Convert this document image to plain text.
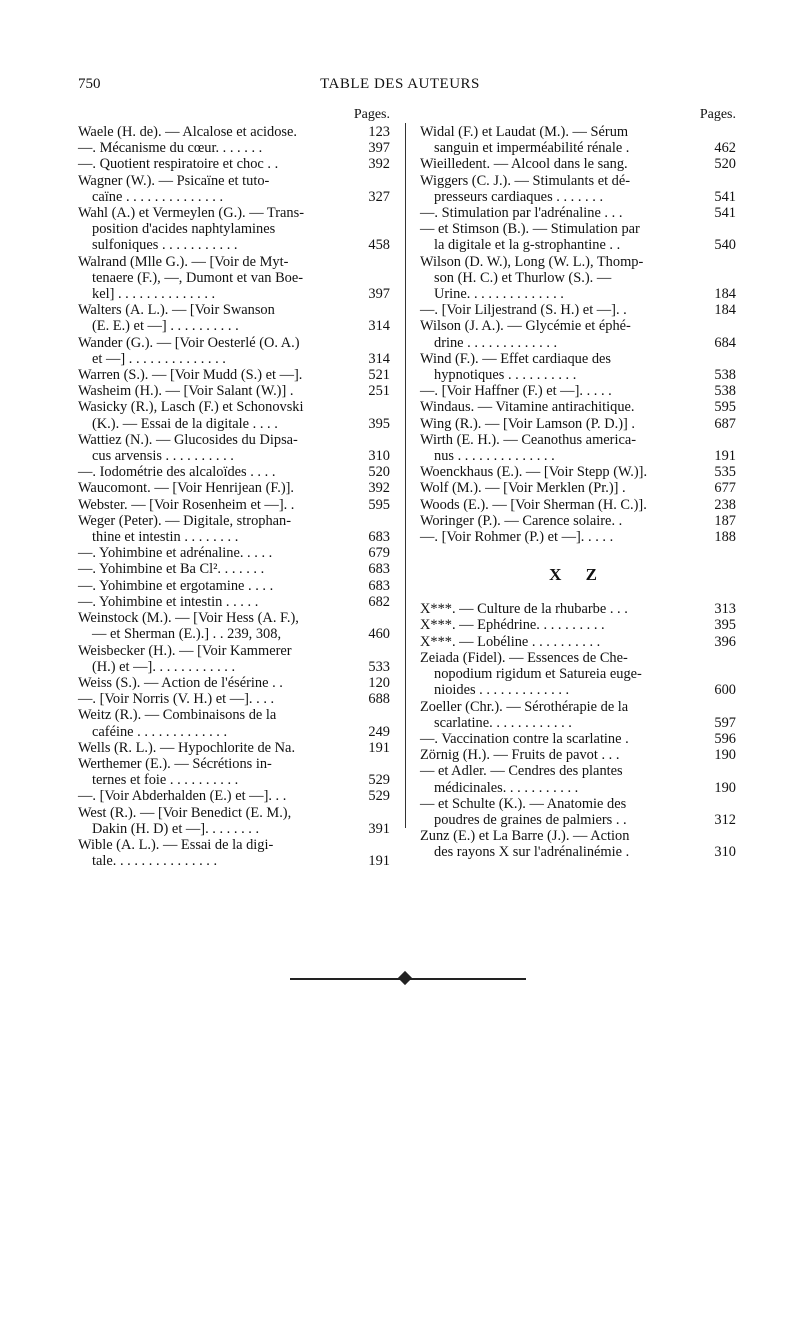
750	TABLE DES AUTEURS
Pages.
Waele (H. de). — Alcalose et acidose.	123
—. Mécanisme du cœur. . . . . . .	397
—. Quotient respiratoire et choc . .	392
Wagner (W.). — Psicaïne et tuto-
caïne . . . . . . . . . . . . . .	327
Wahl (A.) et Vermeylen (G.). — Trans-
position d'acides naphtylamines
sulfoniques . . . . . . . . . . .	458
Walrand (Mlle G.). — [Voir de Myt-
tenaere (F.), —, Dumont et van Boe-
kel] . . . . . . . . . . . . . .	397
Walters (A. L.). — [Voir Swanson
(E. E.) et —] . . . . . . . . . .	314
Wander (G.). — [Voir Oesterlé (O. A.)
et —] . . . . . . . . . . . . . .	314
Warren (S.). — [Voir Mudd (S.) et —].	521
Washeim (H.). — [Voir Salant (W.)] .	251
Wasicky (R.), Lasch (F.) et Schonovski
(K.). — Essai de la digitale . . . .	395
Wattiez (N.). — Glucosides du Dipsa-
cus arvensis . . . . . . . . . .	310
—. Iodométrie des alcaloïdes . . . .	520
Waucomont. — [Voir Henrijean (F.)].	392
Webster. — [Voir Rosenheim et —]. .	595
Weger (Peter). — Digitale, strophan-
thine et intestin . . . . . . . .	683
—. Yohimbine et adrénaline. . . . .	679
—. Yohimbine et Ba Cl². . . . . . .	683
—. Yohimbine et ergotamine . . . .	683
—. Yohimbine et intestin . . . . .	682
Weinstock (M.). — [Voir Hess (A. F.),
— et Sherman (E.).] . . 239, 308,	460
Weisbecker (H.). — [Voir Kammerer
(H.) et —]. . . . . . . . . . . .	533
Weiss (S.). — Action de l'ésérine . .	120
—. [Voir Norris (V. H.) et —]. . . .	688
Weitz (R.). — Combinaisons de la
caféine . . . . . . . . . . . . .	249
Wells (R. L.). — Hypochlorite de Na.	191
Werthemer (E.). — Sécrétions in-
ternes et foie . . . . . . . . . .	529
—. [Voir Abderhalden (E.) et —]. . .	529
West (R.). — [Voir Benedict (E. M.),
Dakin (H. D) et —]. . . . . . . .	391
Wible (A. L.). — Essai de la digi-
tale. . . . . . . . . . . . . . .	191
Pages.
Widal (F.) et Laudat (M.). — Sérum
sanguin et imperméabilité rénale .	462
Wieilledent. — Alcool dans le sang.	520
Wiggers (C. J.). — Stimulants et dé-
presseurs cardiaques . . . . . . .	541
—. Stimulation par l'adrénaline . . .	541
— et Stimson (B.). — Stimulation par
la digitale et la g-strophantine . .	540
Wilson (D. W.), Long (W. L.), Thomp-
son (H. C.) et Thurlow (S.). —
Urine. . . . . . . . . . . . . .	184
—. [Voir Liljestrand (S. H.) et —]. .	184
Wilson (J. A.). — Glycémie et éphé-
drine . . . . . . . . . . . . .	684
Wind (F.). — Effet cardiaque des
hypnotiques . . . . . . . . . .	538
—. [Voir Haffner (F.) et —]. . . . .	538
Windaus. — Vitamine antirachitique.	595
Wing (R.). — [Voir Lamson (P. D.)] .	687
Wirth (E. H.). — Ceanothus america-
nus . . . . . . . . . . . . . .	191
Woenckhaus (E.). — [Voir Stepp (W.)].	535
Wolf (M.). — [Voir Merklen (Pr.)] .	677
Woods (E.). — [Voir Sherman (H. C.)].	238
Woringer (P.). — Carence solaire. .	187
—. [Voir Rohmer (P.) et —]. . . . .	188
X Z
X***. — Culture de la rhubarbe . . .	313
X***. — Ephédrine. . . . . . . . . .	395
X***. — Lobéline . . . . . . . . . .	396
Zeiada (Fidel). — Essences de Che-
nopodium rigidum et Satureia euge-
nioides . . . . . . . . . . . . .	600
Zoeller (Chr.). — Sérothérapie de la
scarlatine. . . . . . . . . . . .	597
—. Vaccination contre la scarlatine .	596
Zörnig (H.). — Fruits de pavot . . .	190
— et Adler. — Cendres des plantes
médicinales. . . . . . . . . . .	190
— et Schulte (K.). — Anatomie des
poudres de graines de palmiers . .	312
Zunz (E.) et La Barre (J.). — Action
des rayons X sur l'adrénalinémie .	310
